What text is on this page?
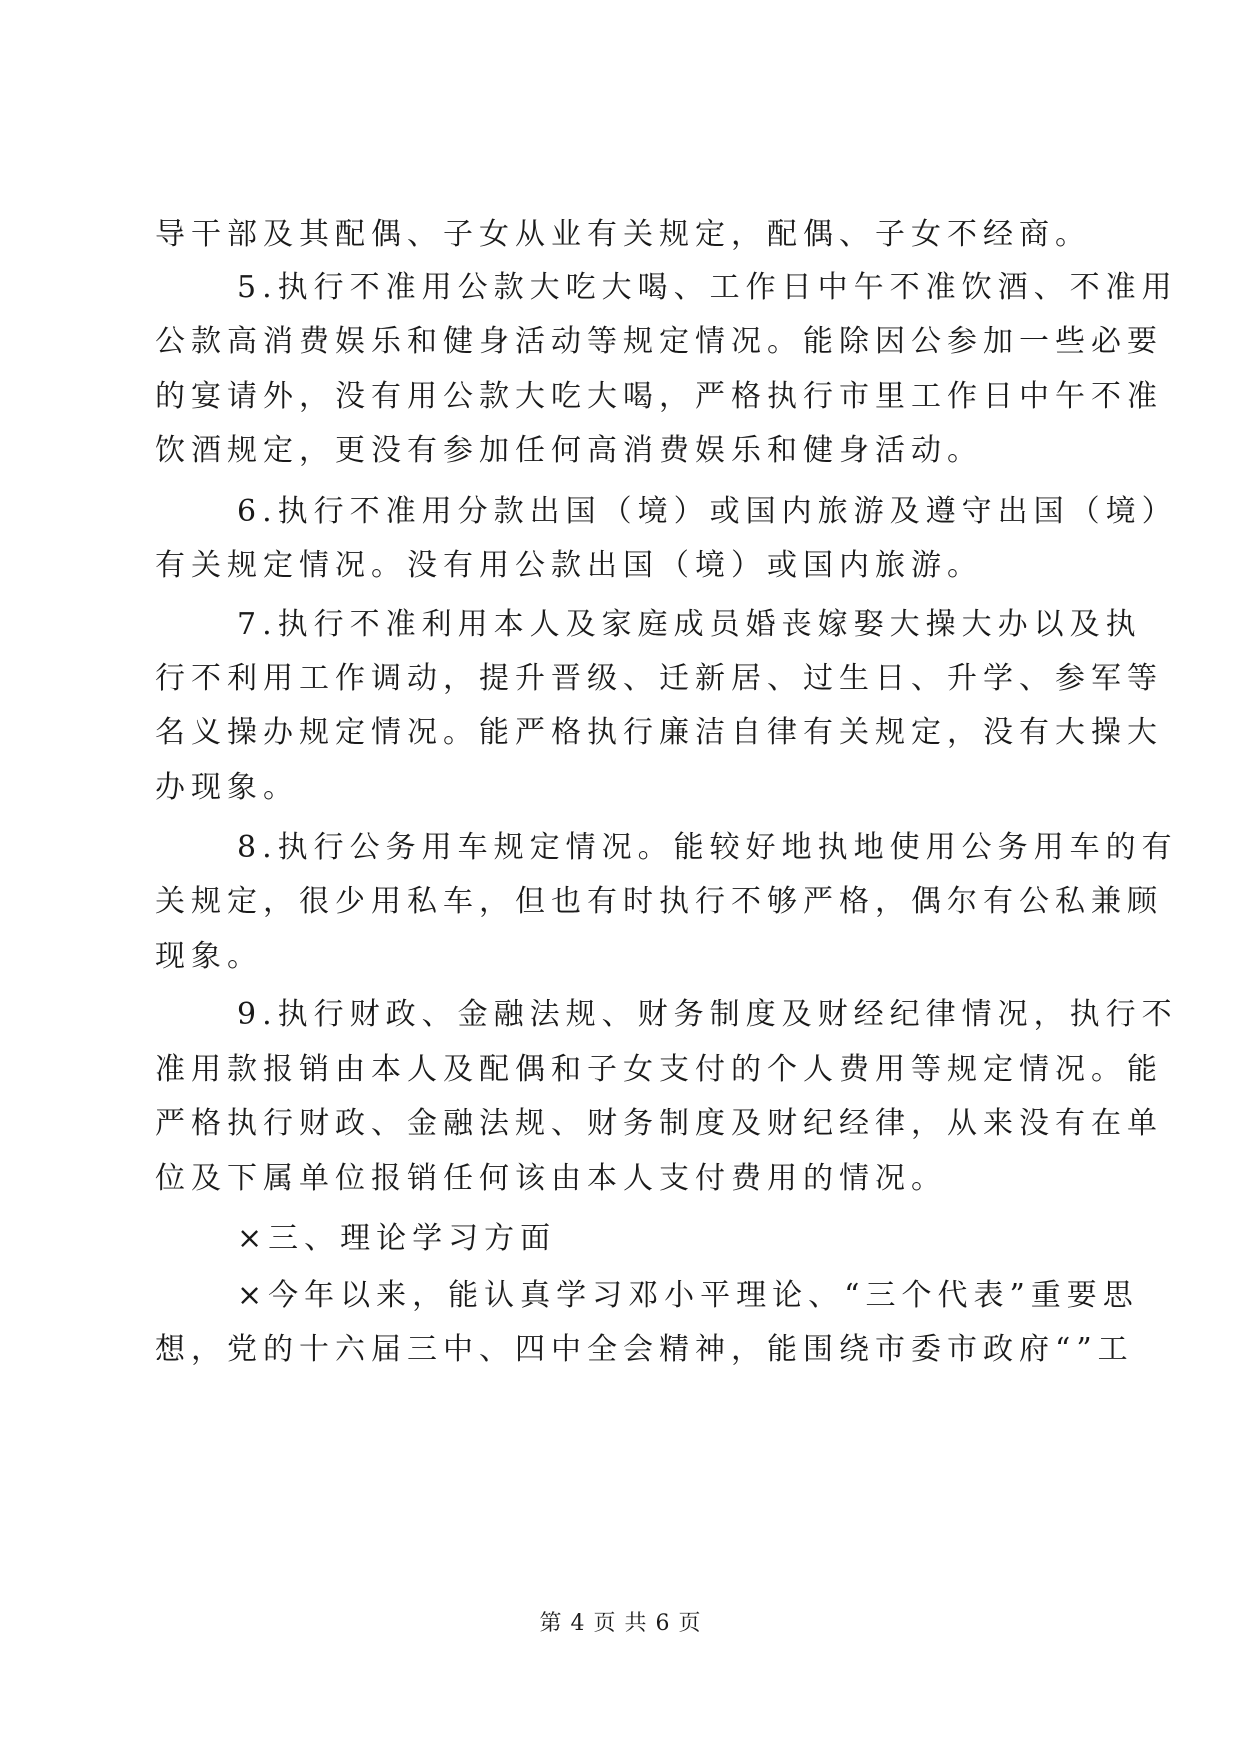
导干部及其配偶、子女从业有关规定，配偶、子女不经商。
5.执行不准用公款大吃大喝、工作日中午不准饮酒、不准用
公款高消费娱乐和健身活动等规定情况。能除因公参加一些必要
的宴请外，没有用公款大吃大喝，严格执行市里工作日中午不准
饮酒规定，更没有参加任何高消费娱乐和健身活动。
6.执行不准用分款出国（境）或国内旅游及遵守出国（境）
有关规定情况。没有用公款出国（境）或国内旅游。
7.执行不准利用本人及家庭成员婚丧嫁娶大操大办以及执
行不利用工作调动，提升晋级、迁新居、过生日、升学、参军等
名义操办规定情况。能严格执行廉洁自律有关规定，没有大操大
办现象。
8.执行公务用车规定情况。能较好地执地使用公务用车的有
关规定，很少用私车，但也有时执行不够严格，偶尔有公私兼顾
现象。
9.执行财政、金融法规、财务制度及财经纪律情况，执行不
准用款报销由本人及配偶和子女支付的个人费用等规定情况。能
严格执行财政、金融法规、财务制度及财纪经律，从来没有在单
位及下属单位报销任何该由本人支付费用的情况。
×三、理论学习方面
×今年以来，能认真学习邓小平理论、“三个代表”重要思
想，党的十六届三中、四中全会精神，能围绕市委市政府“”工
第 4 页 共 6 页
